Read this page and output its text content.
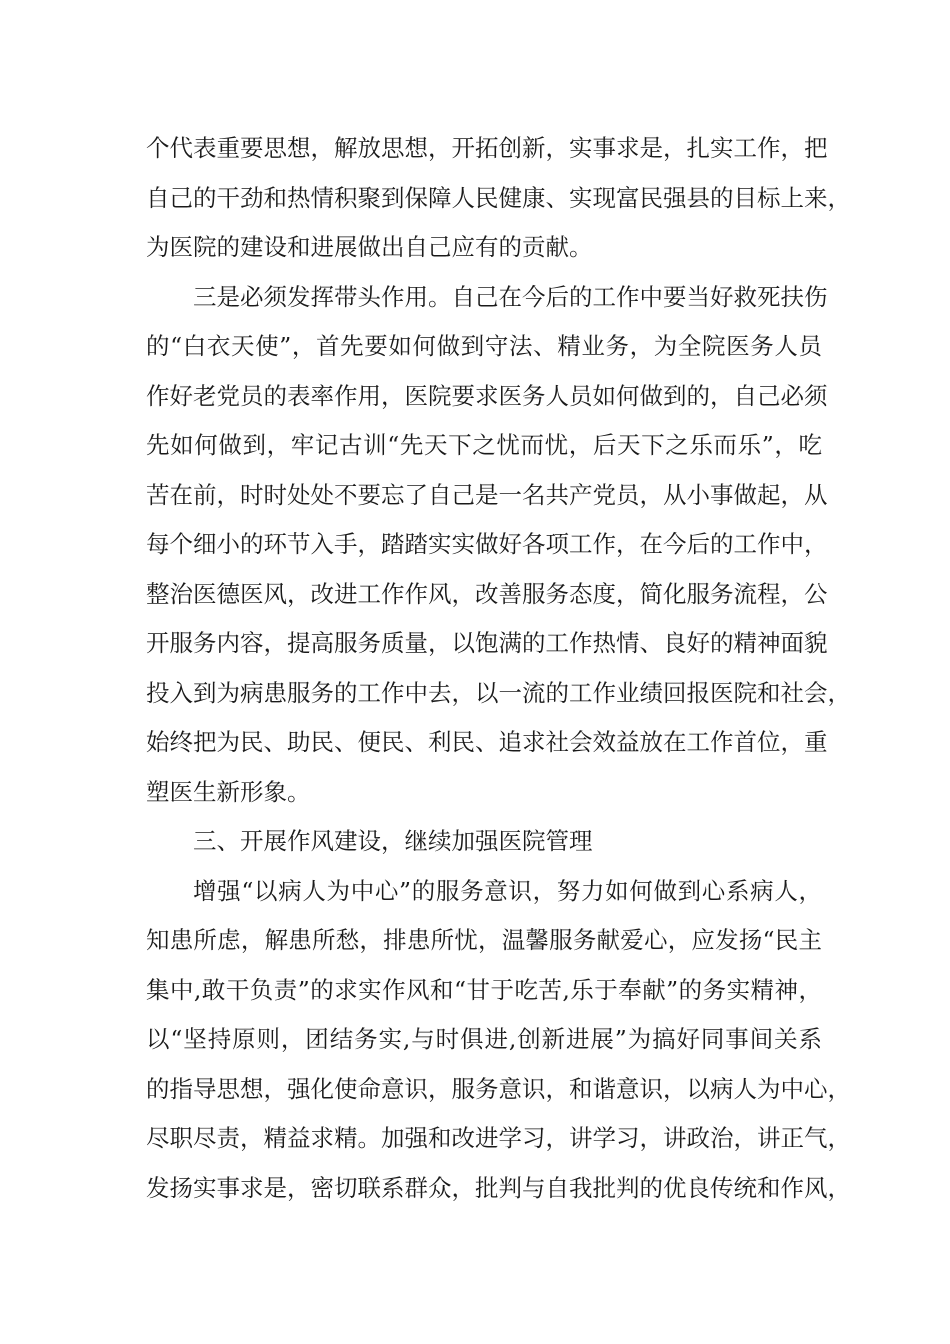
个代表重要思想，解放思想，开拓创新，实事求是，扎实工作，把
自己的干劲和热情积聚到保障人民健康、实现富民强县的目标上来，
为医院的建设和进展做出自己应有的贡献。
三是必须发挥带头作用。自己在今后的工作中要当好救死扶伤
的“白衣天使”，首先要如何做到守法、精业务，为全院医务人员
作好老党员的表率作用，医院要求医务人员如何做到的，自己必须
先如何做到，牢记古训“先天下之忧而忧，后天下之乐而乐”，吃
苦在前，时时处处不要忘了自己是一名共产党员，从小事做起，从
每个细小的环节入手，踏踏实实做好各项工作，在今后的工作中，
整治医德医风，改进工作作风，改善服务态度，简化服务流程，公
开服务内容，提高服务质量，以饱满的工作热情、良好的精神面貌
投入到为病患服务的工作中去，以一流的工作业绩回报医院和社会，
始终把为民、助民、便民、利民、追求社会效益放在工作首位，重
塑医生新形象。
三、开展作风建设，继续加强医院管理
增强“以病人为中心”的服务意识，努力如何做到心系病人，
知患所虑，解患所愁，排患所忧，温馨服务献爱心，应发扬“民主
集中,敢干负责”的求实作风和“甘于吃苦,乐于奉献”的务实精神，
以“坚持原则，团结务实,与时俱进,创新进展”为搞好同事间关系
的指导思想，强化使命意识，服务意识，和谐意识，以病人为中心，
尽职尽责，精益求精。加强和改进学习，讲学习，讲政治，讲正气，
发扬实事求是，密切联系群众，批判与自我批判的优良传统和作风，
